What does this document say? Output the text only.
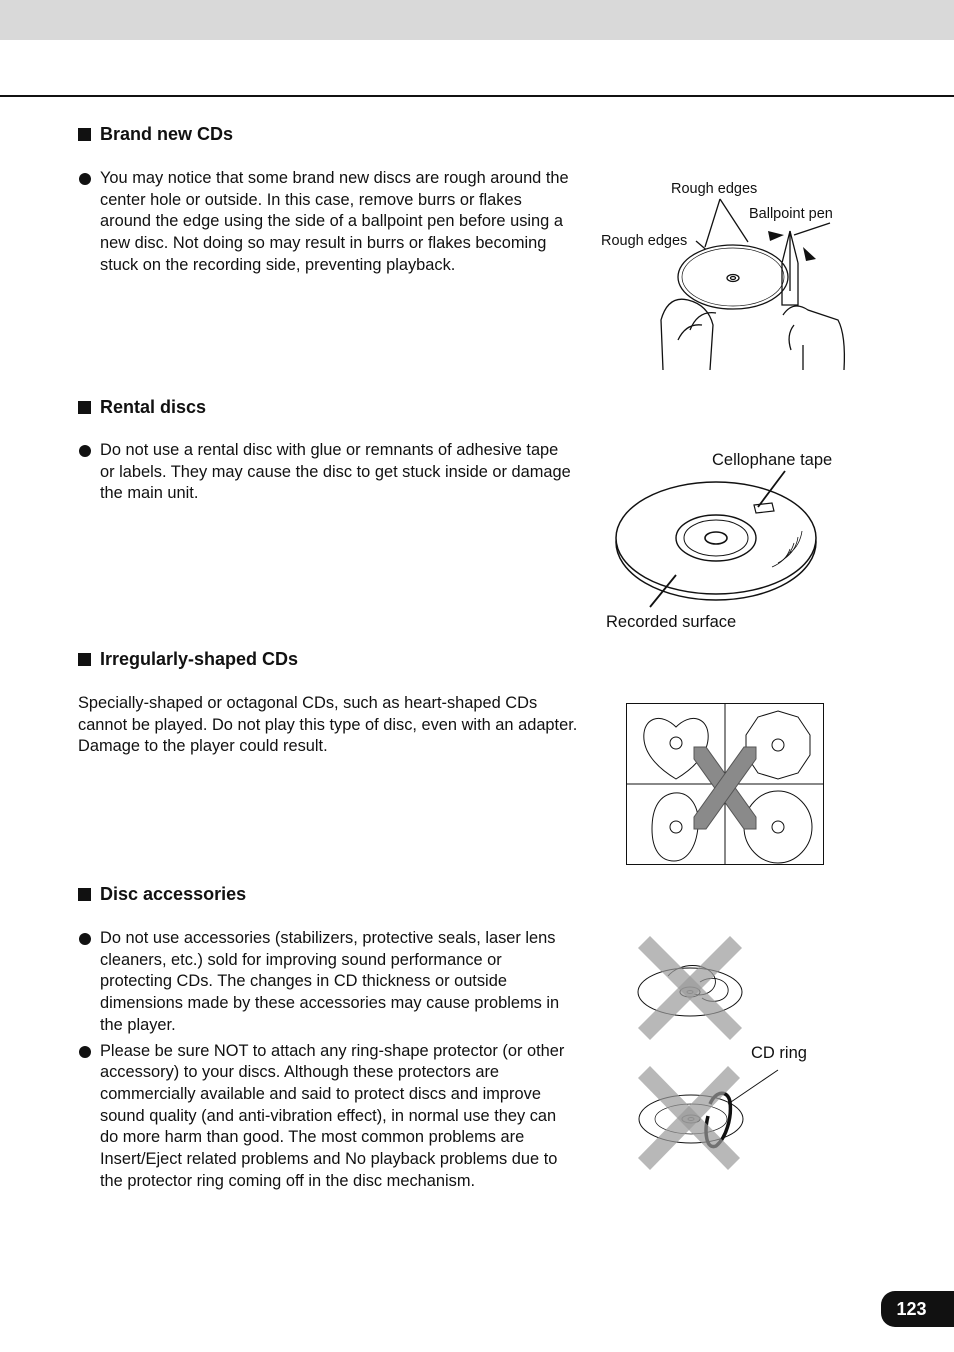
Brand new CDs
You may notice that some brand new discs are rough around the center hole or outside. In this case, remove burrs or flakes around the edge using the side of a ballpoint pen before using a new disc. Not doing so may result in burrs or flakes becoming stuck on the recording side, preventing playback.
Rough edges
Rough edges
Ballpoint pen
Rental discs
Do not use a rental disc with glue or remnants of adhesive tape or labels. They may cause the disc to get stuck inside or damage the main unit.
Cellophane tape
Recorded surface
Irregularly-shaped CDs

Specially-shaped or octagonal CDs, such as heart-shaped CDs cannot be played. Do not play this type of disc, even with an adapter. Damage to the player could result.

Disc accessories
Do not use accessories (stabilizers, protective seals, laser lens cleaners, etc.) sold for improving sound performance or protecting CDs. The changes in CD thickness or outside dimensions made by these accessories may cause problems in the player.
Please be sure NOT to attach any ring-shape protector (or other accessory) to your discs. Although these protectors are commercially available and said to protect discs and improve sound quality (and anti-vibration effect), in normal use they can do more harm than good. The most common problems are Insert/Eject related problems and No playback problems due to the protector ring coming off in the disc mechanism.
CD ring
123
